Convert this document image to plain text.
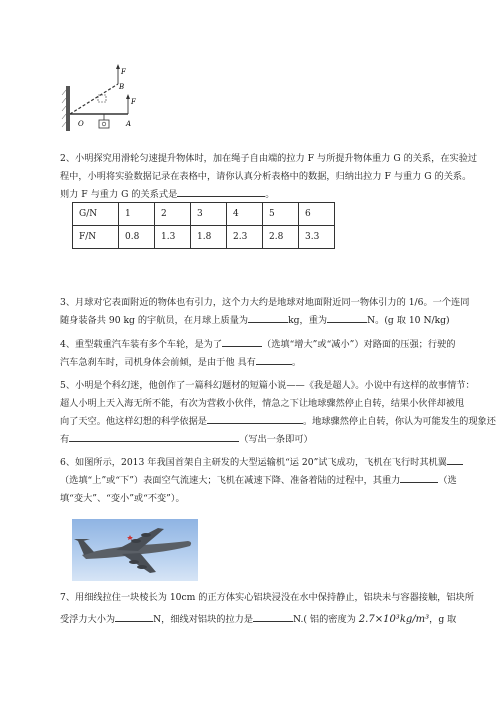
F
B
F
O	A
2、小明探究用滑轮匀速提升物体时，加在绳子自由端的拉力 F 与所提升物体重力 G 的关系，在实验过
程中，小明将实验数据记录在表格中，请你认真分析表格中的数据，归纳出拉力 F 与重力 G 的关系。
则力 F 与重力 G 的关系式是	。
G/N	1	2	3	4	5	6
F/N	0.8	1.3	1.8	2.3	2.8	3.3
3、月球对它表面附近的物体也有引力，这个力大约是地球对地面附近同一物体引力的 1/6。一个连同
随身装备共 90 kg 的宇航员，在月球上质量为	kg，重为	N。(g 取 10 N/kg)
4、重型载重汽车装有多个车轮，是为了	（选填“增大”或“减小”）对路面的压强；行驶的
汽车急刹车时，司机身体会前倾，是由于他 具有	。
5、小明是个科幻迷，他创作了一篇科幻题材的短篇小说——《我是超人》。小说中有这样的故事情节：
超人小明上天入海无所不能，有次为营救小伙伴，情急之下让地球骤然停止自转，结果小伙伴却被甩
向了天空。他这样幻想的科学依据是	。地球骤然停止自转，你认为可能发生的现象还
有	（写出一条即可）
6、如图所示，2013 年我国首架自主研发的大型运输机“运 20”试飞成功，飞机在飞行时其机翼
（选填“上”或“下”）表面空气流速大；飞机在减速下降、准备着陆的过程中，其重力	（选
填“变大”、“变小”或“不变”）。
7、用细线拉住一块棱长为 10cm 的正方体实心铝块浸没在水中保持静止，铝块未与容器接触，铝块所
受浮力大小为	N，细线对铝块的拉力是	N.( 铝的密度为 2.7×10³kg/m³，g 取
